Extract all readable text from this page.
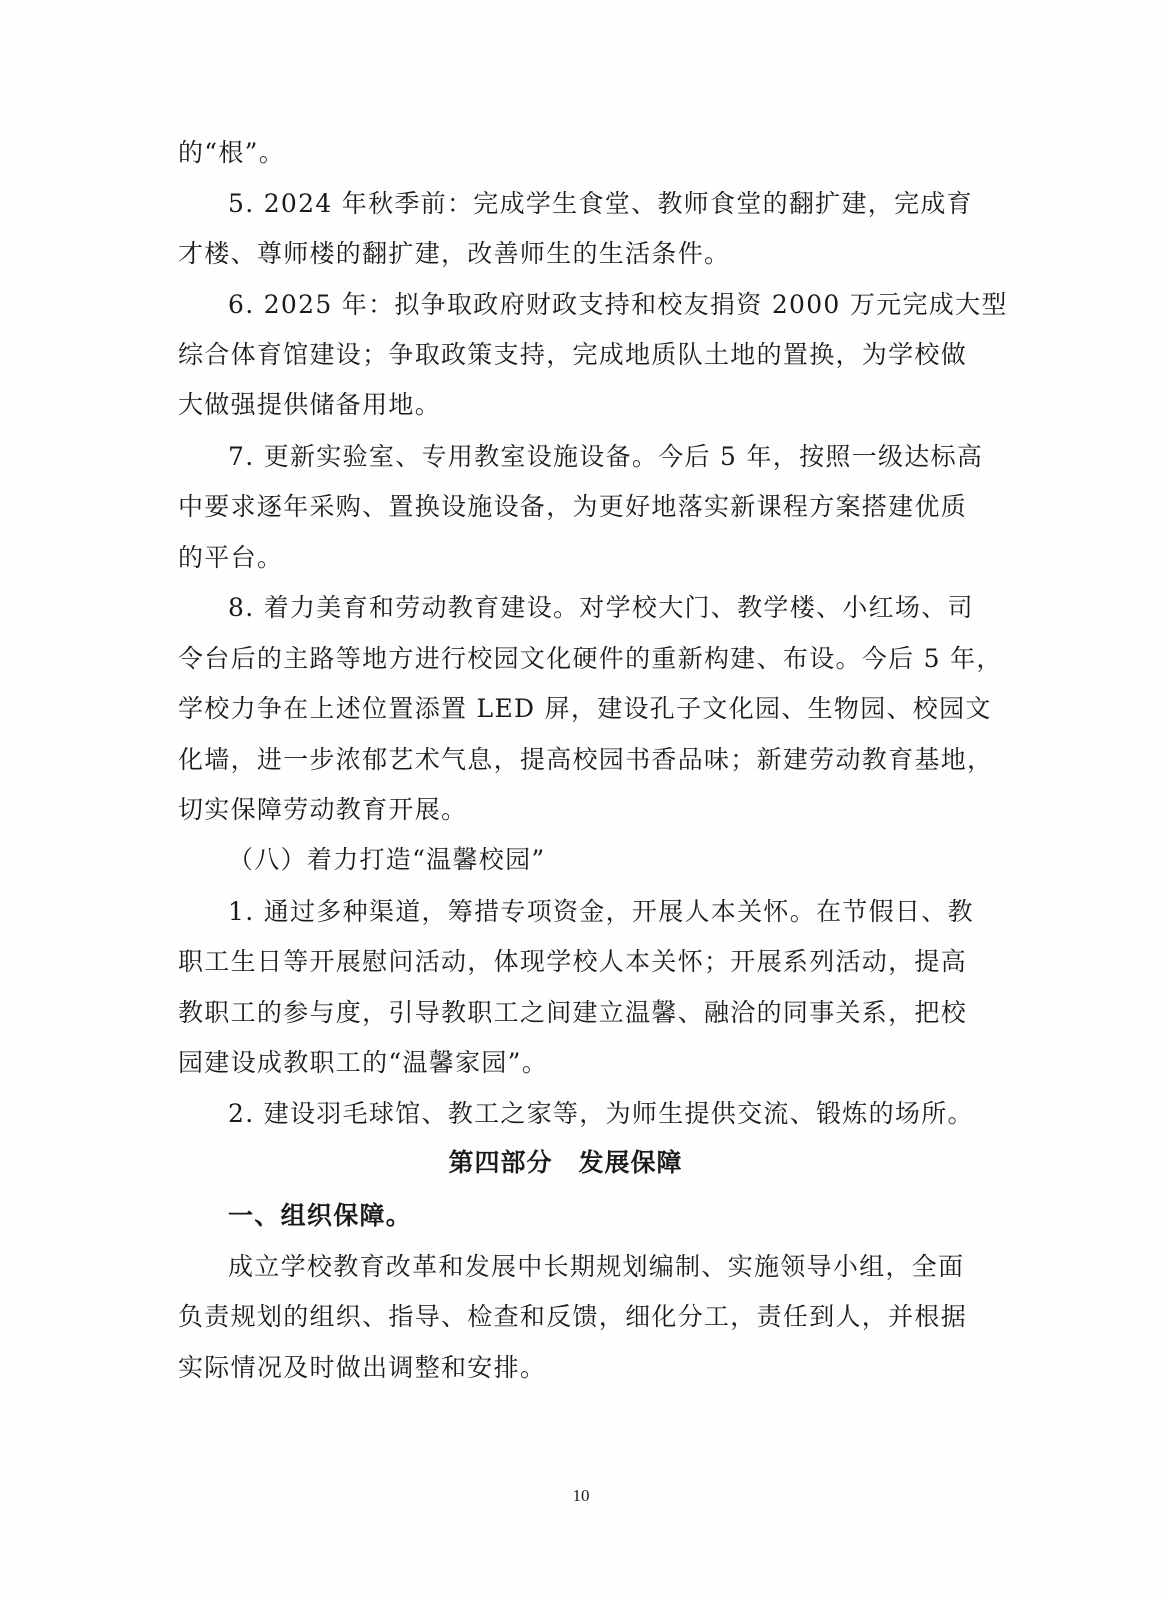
的“根”。
5. 2024 年秋季前：完成学生食堂、教师食堂的翻扩建，完成育
才楼、尊师楼的翻扩建，改善师生的生活条件。
6. 2025 年：拟争取政府财政支持和校友捐资 2000 万元完成大型
综合体育馆建设；争取政策支持，完成地质队土地的置换，为学校做
大做强提供储备用地。
7. 更新实验室、专用教室设施设备。今后 5 年，按照一级达标高
中要求逐年采购、置换设施设备，为更好地落实新课程方案搭建优质
的平台。
8. 着力美育和劳动教育建设。对学校大门、教学楼、小红场、司
令台后的主路等地方进行校园文化硬件的重新构建、布设。今后 5 年，
学校力争在上述位置添置 LED 屏，建设孔子文化园、生物园、校园文
化墙，进一步浓郁艺术气息，提高校园书香品味；新建劳动教育基地，
切实保障劳动教育开展。
（八）着力打造“温馨校园”
1. 通过多种渠道，筹措专项资金，开展人本关怀。在节假日、教
职工生日等开展慰问活动，体现学校人本关怀；开展系列活动，提高
教职工的参与度，引导教职工之间建立温馨、融洽的同事关系，把校
园建设成教职工的“温馨家园”。
2. 建设羽毛球馆、教工之家等，为师生提供交流、锻炼的场所。
第四部分　发展保障
一、组织保障。
成立学校教育改革和发展中长期规划编制、实施领导小组，全面
负责规划的组织、指导、检查和反馈，细化分工，责任到人，并根据
实际情况及时做出调整和安排。
10
